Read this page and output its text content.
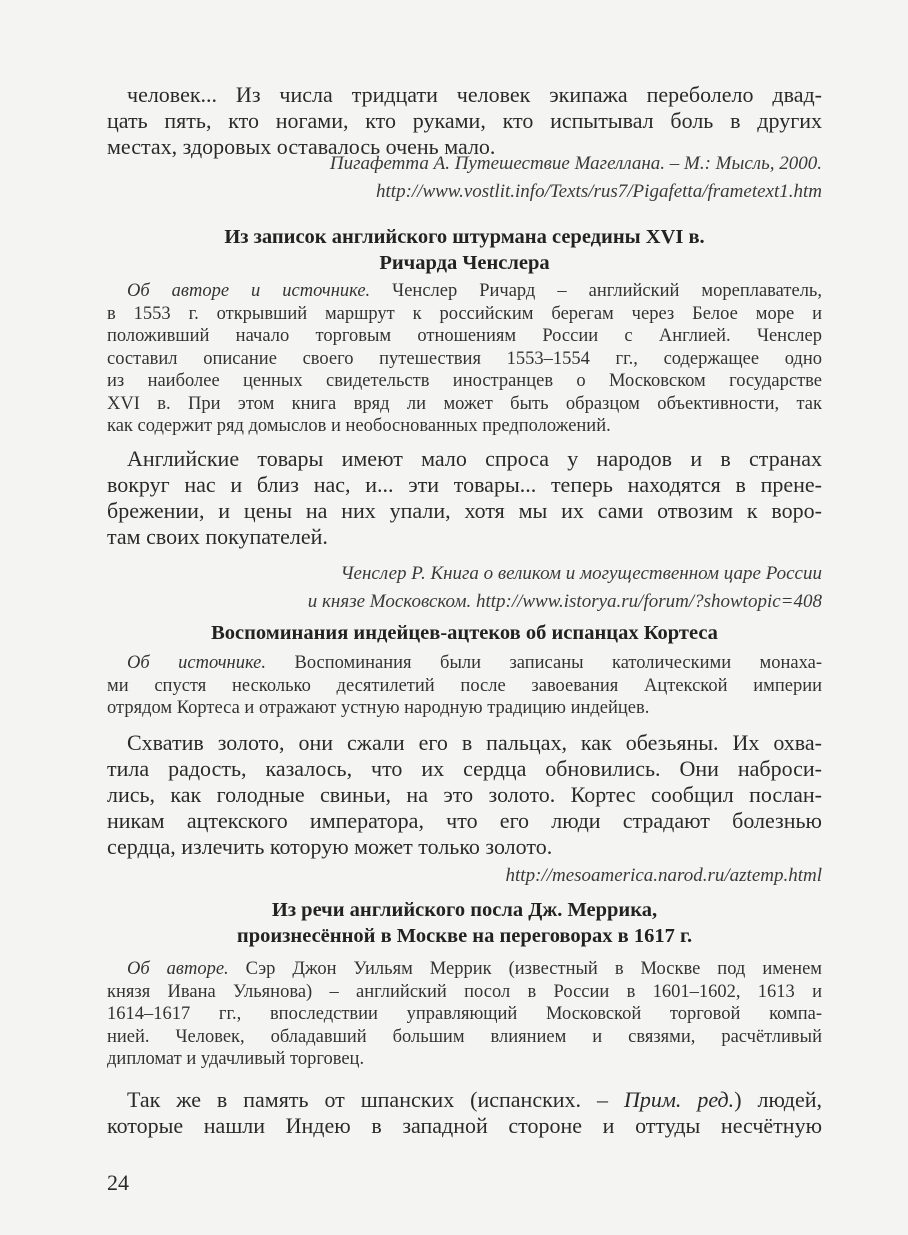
человек... Из числа тридцати человек экипажа переболело двад-
цать пять, кто ногами, кто руками, кто испытывал боль в других
местах, здоровых оставалось очень мало.
Пигафетта А. Путешествие Магеллана. – М.: Мысль, 2000.
http://www.vostlit.info/Texts/rus7/Pigafetta/frametext1.htm
Из записок английского штурмана середины XVI в.
Ричарда Ченслера
Об авторе и источнике. Ченслер Ричард – английский мореплаватель,
в 1553 г. открывший маршрут к российским берегам через Белое море и
положивший начало торговым отношениям России с Англией. Ченслер
составил описание своего путешествия 1553–1554 гг., содержащее одно
из наиболее ценных свидетельств иностранцев о Московском государстве
XVI в. При этом книга вряд ли может быть образцом объективности, так
как содержит ряд домыслов и необоснованных предположений.
Английские товары имеют мало спроса у народов и в странах
вокруг нас и близ нас, и... эти товары... теперь находятся в прене-
брежении, и цены на них упали, хотя мы их сами отвозим к воро-
там своих покупателей.
Ченслер Р. Книга о великом и могущественном царе России
и князе Московском. http://www.istorya.ru/forum/?showtopic=408
Воспоминания индейцев-ацтеков об испанцах Кортеса
Об источнике. Воспоминания были записаны католическими монаха-
ми спустя несколько десятилетий после завоевания Ацтекской империи
отрядом Кортеса и отражают устную народную традицию индейцев.
Схватив золото, они сжали его в пальцах, как обезьяны. Их охва-
тила радость, казалось, что их сердца обновились. Они наброси-
лись, как голодные свиньи, на это золото. Кортес сообщил послан-
никам ацтекского императора, что его люди страдают болезнью
сердца, излечить которую может только золото.
http://mesoamerica.narod.ru/aztemp.html
Из речи английского посла Дж. Меррика,
произнесённой в Москве на переговорах в 1617 г.
Об авторе. Сэр Джон Уильям Меррик (известный в Москве под именем
князя Ивана Ульянова) – английский посол в России в 1601–1602, 1613 и
1614–1617 гг., впоследствии управляющий Московской торговой компа-
нией. Человек, обладавший большим влиянием и связями, расчётливый
дипломат и удачливый торговец.
Так же в память от шпанских (испанских. – Прим. ред.) людей,
которые нашли Индею в западной стороне и оттуды несчётную
24
